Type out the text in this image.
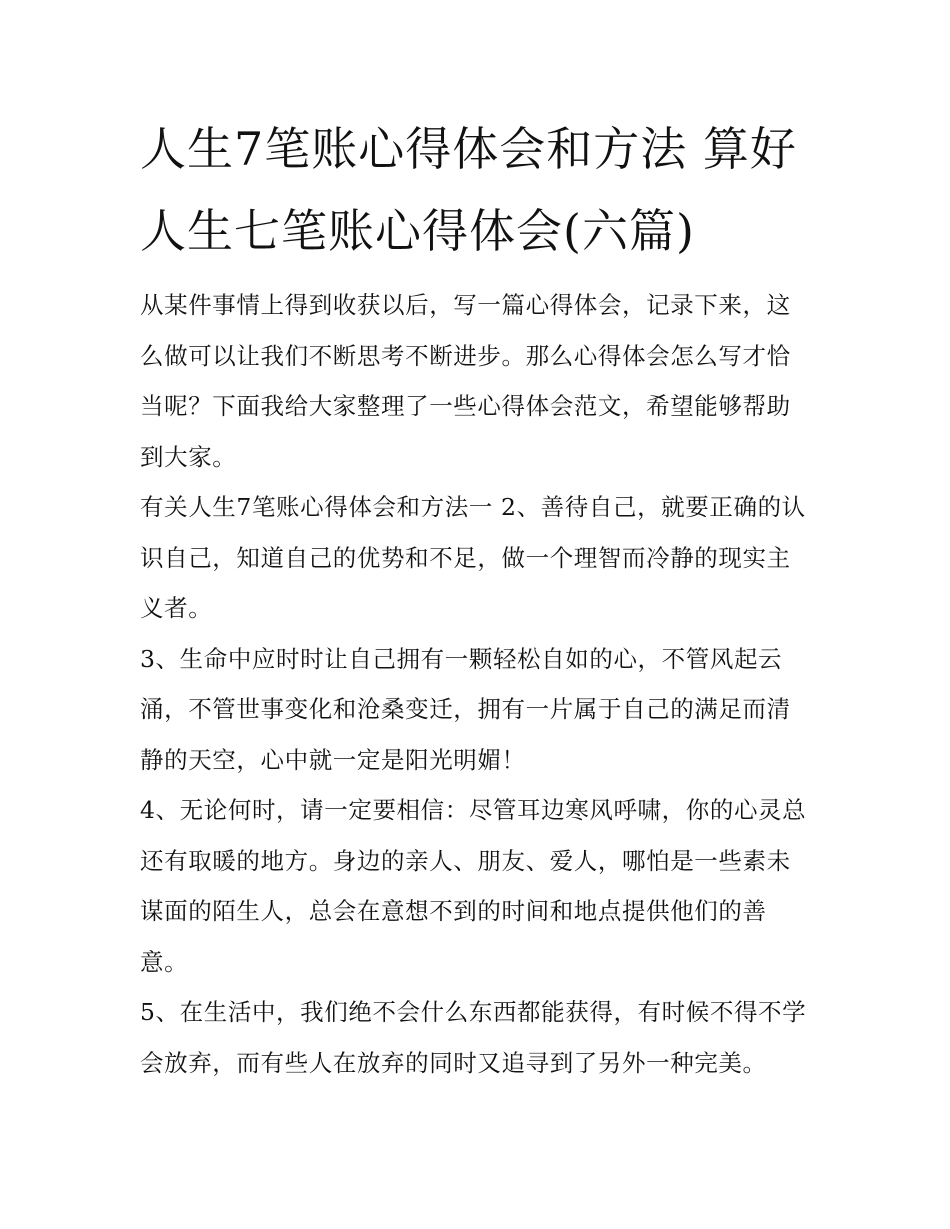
人生7笔账心得体会和方法 算好人生七笔账心得体会(六篇)

从某件事情上得到收获以后，写一篇心得体会，记录下来，这么做可以让我们不断思考不断进步。那么心得体会怎么写才恰当呢？下面我给大家整理了一些心得体会范文，希望能够帮助到大家。

有关人生7笔账心得体会和方法一 2、善待自己，就要正确的认识自己，知道自己的优势和不足，做一个理智而冷静的现实主义者。

3、生命中应时时让自己拥有一颗轻松自如的心，不管风起云涌，不管世事变化和沧桑变迁，拥有一片属于自己的满足而清静的天空，心中就一定是阳光明媚！

4、无论何时，请一定要相信：尽管耳边寒风呼啸，你的心灵总还有取暖的地方。身边的亲人、朋友、爱人，哪怕是一些素未谋面的陌生人，总会在意想不到的时间和地点提供他们的善意。

5、在生活中，我们绝不会什么东西都能获得，有时候不得不学会放弃，而有些人在放弃的同时又追寻到了另外一种完美。
